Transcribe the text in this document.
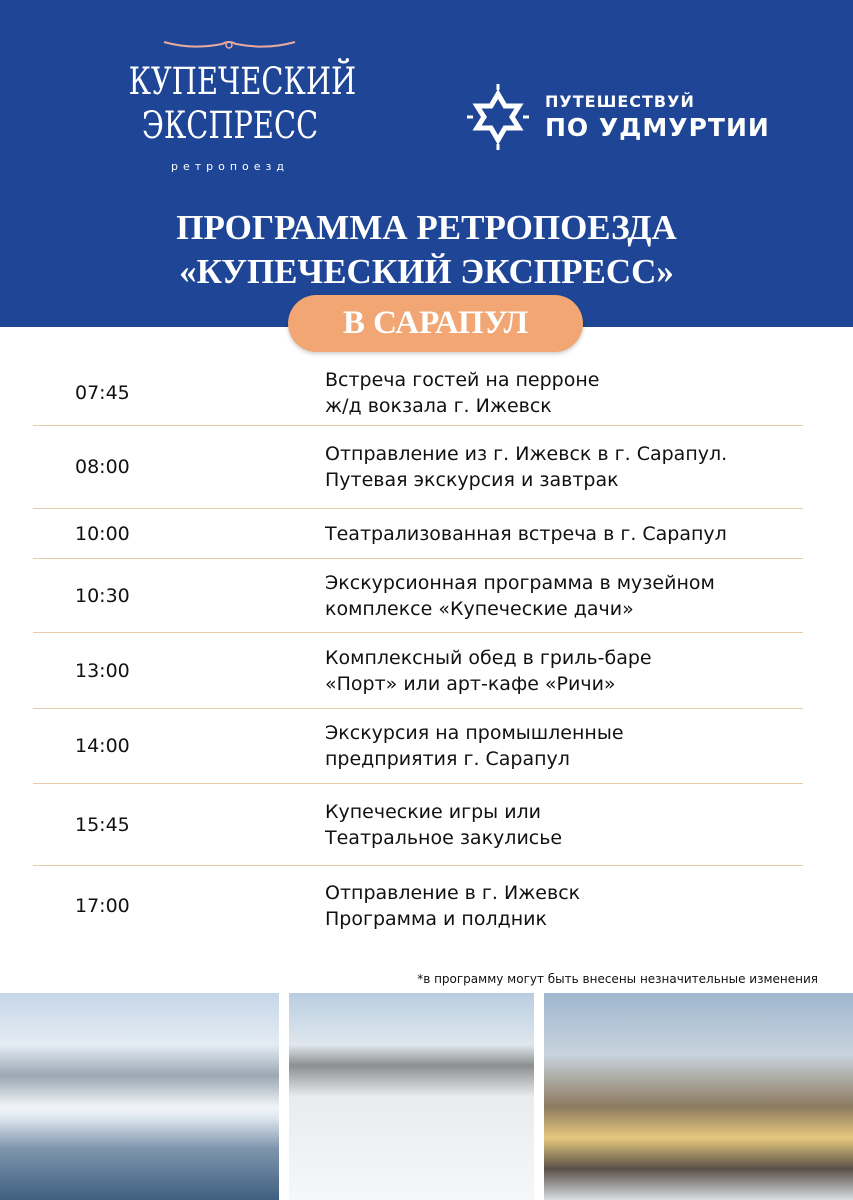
КУПЕЧЕСКИЙ
ЭКСПРЕСС
ретропоезд
ПУТЕШЕСТВУЙ
ПО УДМУРТИИ
ПРОГРАММА РЕТРОПОЕЗДА
«КУПЕЧЕСКИЙ ЭКСПРЕСС»
В САРАПУЛ
07:45
Встреча гостей на перроне
ж/д вокзала г. Ижевск
08:00
Отправление из г. Ижевск в г. Сарапул.
Путевая экскурсия и завтрак
10:00	Театрализованная встреча в г. Сарапул
10:30
Экскурсионная программа в музейном
комплексе «Купеческие дачи»
13:00
Комплексный обед в гриль-баре
«Порт» или арт-кафе «Ричи»
14:00
Экскурсия на промышленные
предприятия г. Сарапул
15:45
Купеческие игры или
Театральное закулисье
17:00
Отправление в г. Ижевск
Программа и полдник
*в программу могут быть внесены незначительные изменения
